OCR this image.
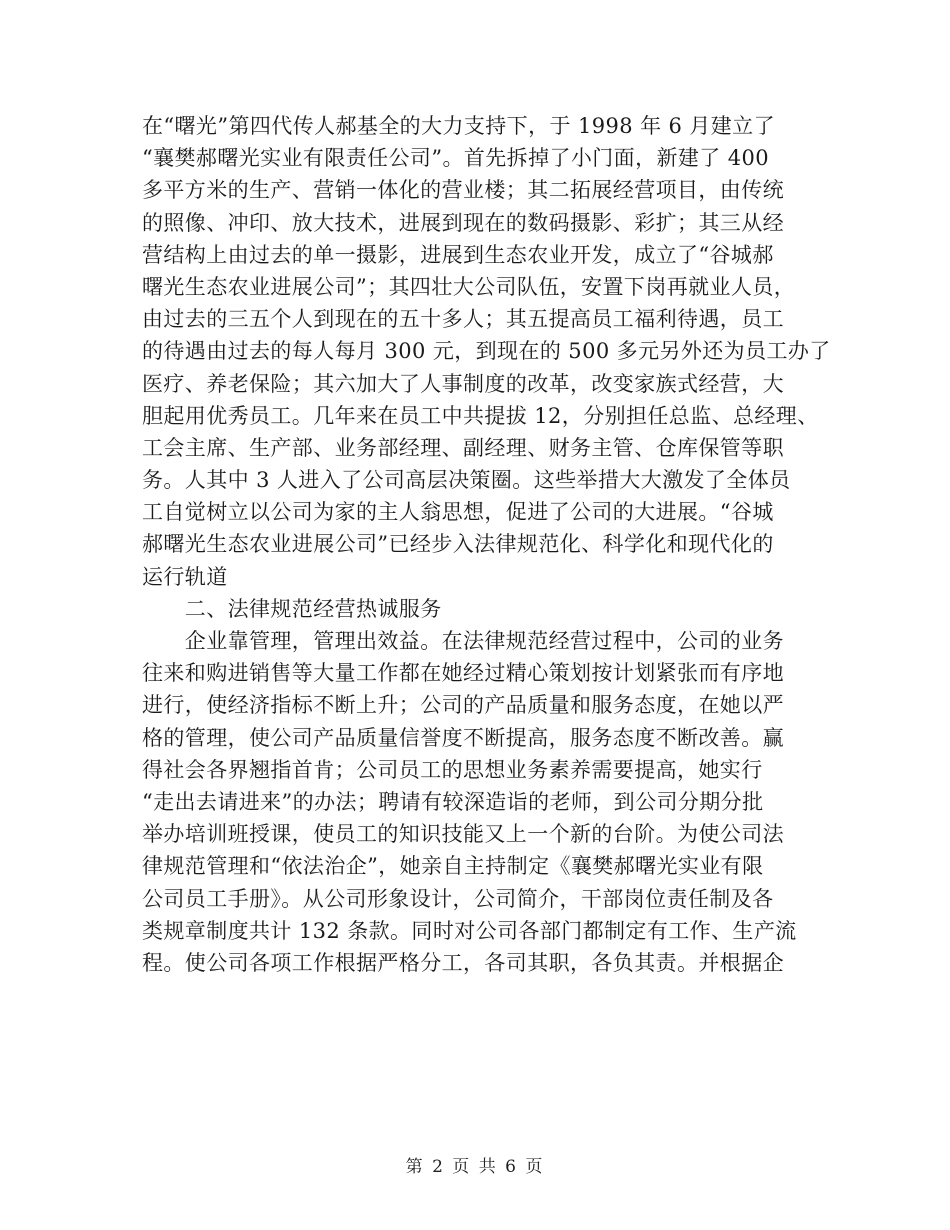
在“曙光”第四代传人郝基全的大力支持下，于 1998 年 6 月建立了
“襄樊郝曙光实业有限责任公司”。首先拆掉了小门面，新建了 400
多平方米的生产、营销一体化的营业楼；其二拓展经营项目，由传统
的照像、冲印、放大技术，进展到现在的数码摄影、彩扩；其三从经
营结构上由过去的单一摄影，进展到生态农业开发，成立了“谷城郝
曙光生态农业进展公司”；其四壮大公司队伍，安置下岗再就业人员，
由过去的三五个人到现在的五十多人；其五提高员工福利待遇，员工
的待遇由过去的每人每月 300 元，到现在的 500 多元另外还为员工办了
医疗、养老保险；其六加大了人事制度的改革，改变家族式经营，大
胆起用优秀员工。几年来在员工中共提拔 12，分别担任总监、总经理、
工会主席、生产部、业务部经理、副经理、财务主管、仓库保管等职
务。人其中 3 人进入了公司高层决策圈。这些举措大大激发了全体员
工自觉树立以公司为家的主人翁思想，促进了公司的大进展。“谷城
郝曙光生态农业进展公司”已经步入法律规范化、科学化和现代化的
运行轨道
　　二、法律规范经营热诚服务
　　企业靠管理，管理出效益。在法律规范经营过程中，公司的业务
往来和购进销售等大量工作都在她经过精心策划按计划紧张而有序地
进行，使经济指标不断上升；公司的产品质量和服务态度，在她以严
格的管理，使公司产品质量信誉度不断提高，服务态度不断改善。赢
得社会各界翘指首肯；公司员工的思想业务素养需要提高，她实行
“走出去请进来”的办法；聘请有较深造诣的老师，到公司分期分批
举办培训班授课，使员工的知识技能又上一个新的台阶。为使公司法
律规范管理和“依法治企”，她亲自主持制定《襄樊郝曙光实业有限
公司员工手册》。从公司形象设计，公司简介，干部岗位责任制及各
类规章制度共计 132 条款。同时对公司各部门都制定有工作、生产流
程。使公司各项工作根据严格分工，各司其职，各负其责。并根据企
第 2 页 共 6 页
